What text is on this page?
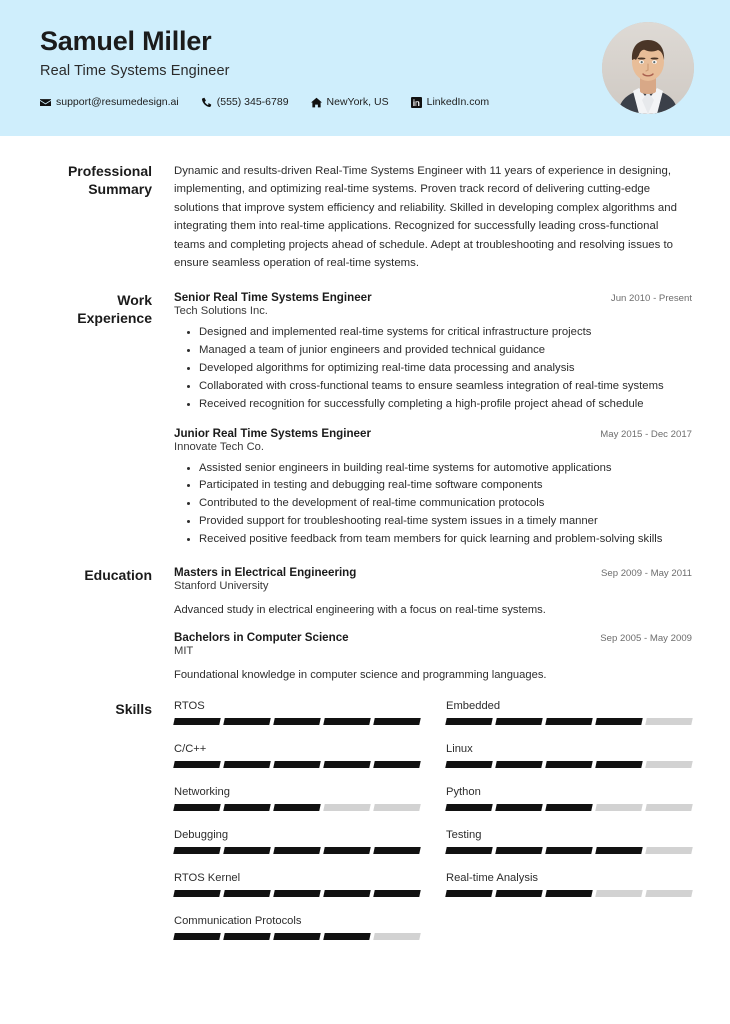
Samuel Miller
Real Time Systems Engineer
support@resumedesign.ai	(555) 345-6789	NewYork, US	LinkedIn.com
Professional Summary
Dynamic and results-driven Real-Time Systems Engineer with 11 years of experience in designing, implementing, and optimizing real-time systems. Proven track record of delivering cutting-edge solutions that improve system efficiency and reliability. Skilled in developing complex algorithms and integrating them into real-time applications. Recognized for successfully leading cross-functional teams and completing projects ahead of schedule. Adept at troubleshooting and resolving issues to ensure seamless operation of real-time systems.
Work Experience
Senior Real Time Systems Engineer	Jun 2010 - Present
Tech Solutions Inc.
Designed and implemented real-time systems for critical infrastructure projects
Managed a team of junior engineers and provided technical guidance
Developed algorithms for optimizing real-time data processing and analysis
Collaborated with cross-functional teams to ensure seamless integration of real-time systems
Received recognition for successfully completing a high-profile project ahead of schedule
Junior Real Time Systems Engineer	May 2015 - Dec 2017
Innovate Tech Co.
Assisted senior engineers in building real-time systems for automotive applications
Participated in testing and debugging real-time software components
Contributed to the development of real-time communication protocols
Provided support for troubleshooting real-time system issues in a timely manner
Received positive feedback from team members for quick learning and problem-solving skills
Education	Masters in Electrical Engineering	Sep 2009 - May 2011
Stanford University
Advanced study in electrical engineering with a focus on real-time systems.
Bachelors in Computer Science	Sep 2005 - May 2009
MIT
Foundational knowledge in computer science and programming languages.
Skills	RTOS	Embedded
C/C++	Linux
Networking	Python
Debugging	Testing
RTOS Kernel	Real-time Analysis
Communication Protocols
